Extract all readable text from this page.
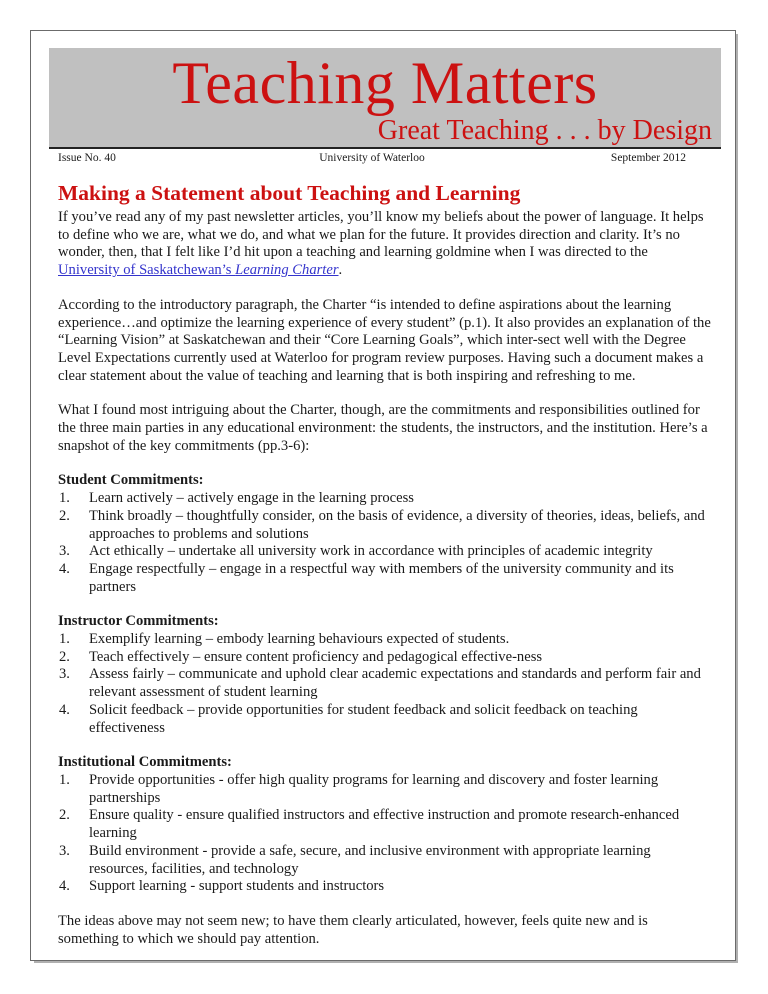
Teaching Matters
Great Teaching . . . by Design
Issue No. 40	University of Waterloo	September 2012
Making a Statement about Teaching and Learning

If you’ve read any of my past newsletter articles, you’ll know my beliefs about the power of language. It helps to define who we are, what we do, and what we plan for the future. It provides direction and clarity. It’s no wonder, then, that I felt like I’d hit upon a teaching and learning goldmine when I was directed to the University of Saskatchewan’s Learning Charter.

According to the introductory paragraph, the Charter “is intended to define aspirations about the learning experience…and optimize the learning experience of every student” (p.1). It also provides an explanation of the “Learning Vision” at Saskatchewan and their “Core Learning Goals”, which inter-sect well with the Degree Level Expectations currently used at Waterloo for program review purposes. Having such a document makes a clear statement about the value of teaching and learning that is both inspiring and refreshing to me.

What I found most intriguing about the Charter, though, are the commitments and responsibilities outlined for the three main parties in any educational environment: the students, the instructors, and the institution. Here’s a snapshot of the key commitments (pp.3-6):

Student Commitments:
Learn actively – actively engage in the learning process
Think broadly – thoughtfully consider, on the basis of evidence, a diversity of theories, ideas, beliefs, and approaches to problems and solutions
Act ethically – undertake all university work in accordance with principles of academic integrity
Engage respectfully – engage in a respectful way with members of the university community and its partners
Instructor Commitments:
Exemplify learning – embody learning behaviours expected of students.
Teach effectively – ensure content proficiency and pedagogical effective-ness
Assess fairly – communicate and uphold clear academic expectations and standards and perform fair and relevant assessment of student learning
Solicit feedback – provide opportunities for student feedback and solicit feedback on teaching effectiveness
Institutional Commitments:
Provide opportunities - offer high quality programs for learning and discovery and foster learning partnerships
Ensure quality - ensure qualified instructors and effective instruction and promote research-enhanced learning
Build environment - provide a safe, secure, and inclusive environment with appropriate learning resources, facilities, and technology
Support learning - support students and instructors

The ideas above may not seem new; to have them clearly articulated, however, feels quite new and is something to which we should pay attention.
